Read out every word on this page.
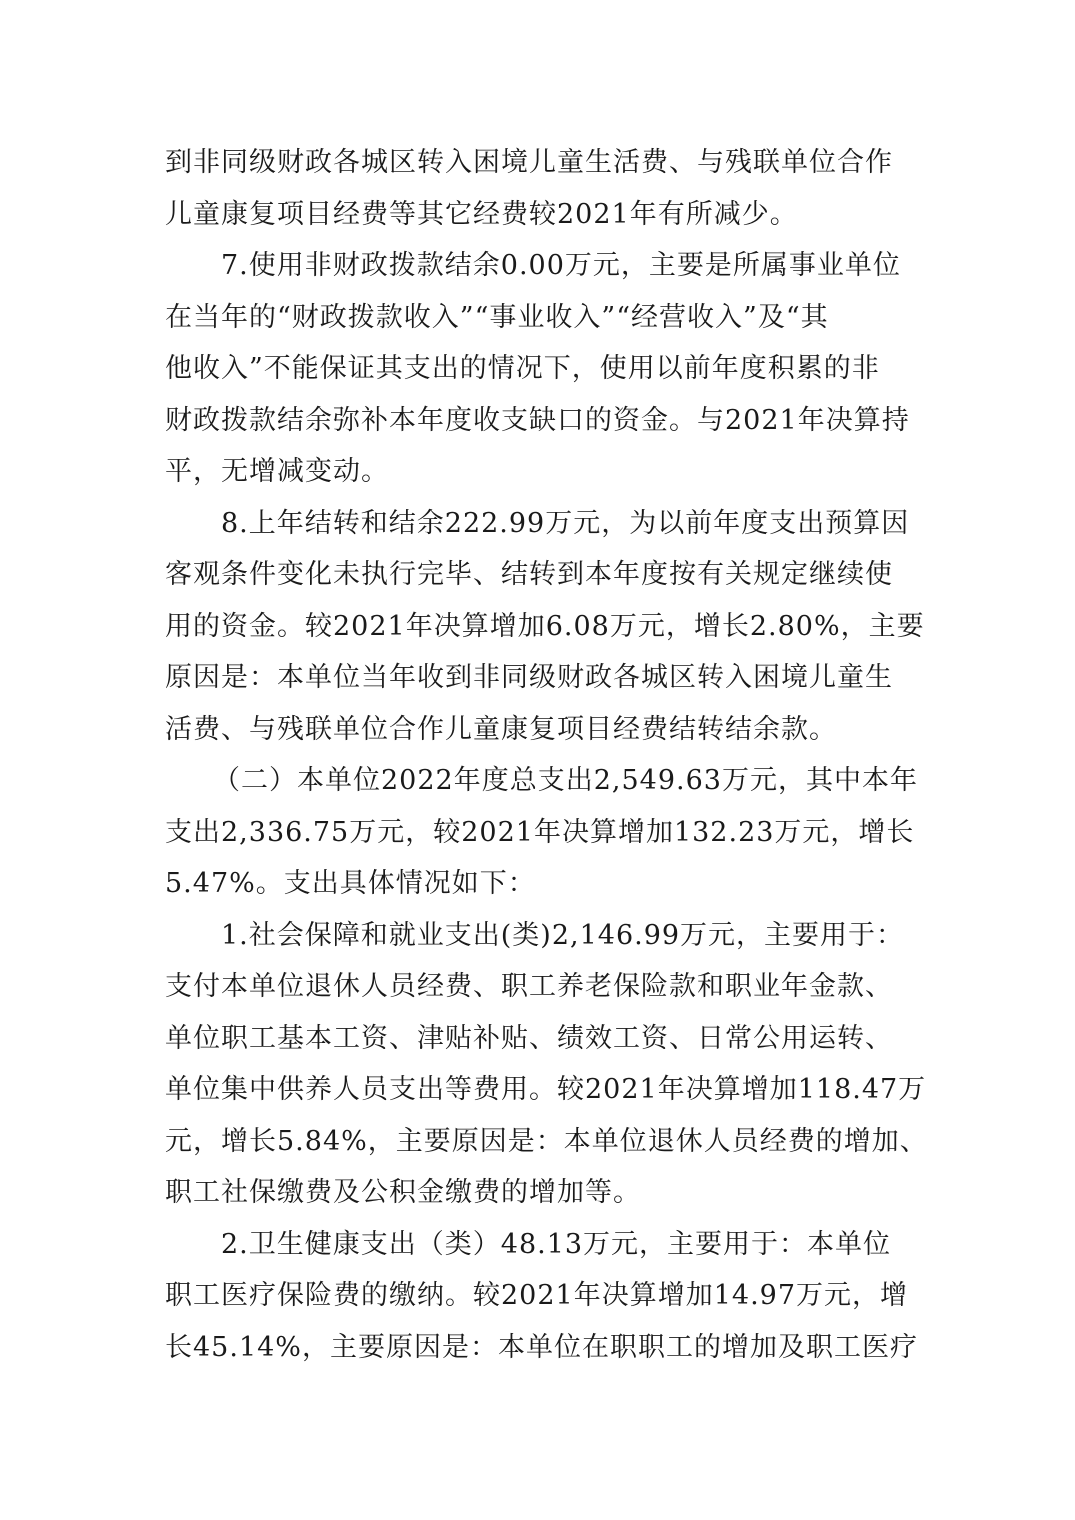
到非同级财政各城区转入困境儿童生活费、与残联单位合作
儿童康复项目经费等其它经费较2021年有所减少。
7.使用非财政拨款结余0.00万元，主要是所属事业单位
在当年的“财政拨款收入”“事业收入”“经营收入”及“其
他收入”不能保证其支出的情况下，使用以前年度积累的非
财政拨款结余弥补本年度收支缺口的资金。与2021年决算持
平，无增减变动。
8.上年结转和结余222.99万元，为以前年度支出预算因
客观条件变化未执行完毕、结转到本年度按有关规定继续使
用的资金。较2021年决算增加6.08万元，增长2.80%，主要
原因是：本单位当年收到非同级财政各城区转入困境儿童生
活费、与残联单位合作儿童康复项目经费结转结余款。
（二）本单位2022年度总支出2,549.63万元，其中本年
支出2,336.75万元，较2021年决算增加132.23万元，增长
5.47%。支出具体情况如下：
1.社会保障和就业支出(类)2,146.99万元，主要用于：
支付本单位退休人员经费、职工养老保险款和职业年金款、
单位职工基本工资、津贴补贴、绩效工资、日常公用运转、
单位集中供养人员支出等费用。较2021年决算增加118.47万
元，增长5.84%，主要原因是：本单位退休人员经费的增加、
职工社保缴费及公积金缴费的增加等。
2.卫生健康支出（类）48.13万元，主要用于：本单位
职工医疗保险费的缴纳。较2021年决算增加14.97万元，增
长45.14%，主要原因是：本单位在职职工的增加及职工医疗
